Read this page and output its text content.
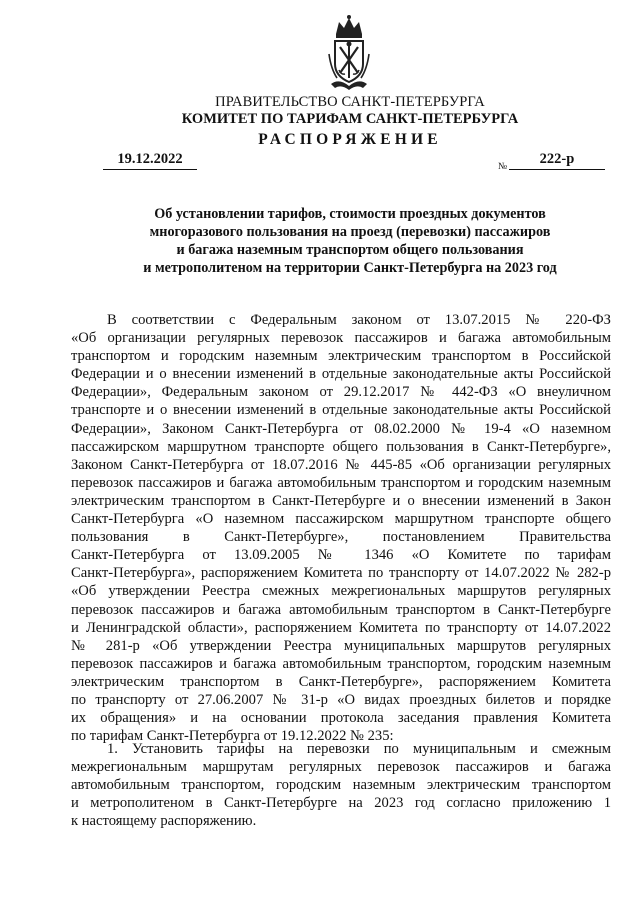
ПРАВИТЕЛЬСТВО САНКТ-ПЕТЕРБУРГА
КОМИТЕТ ПО ТАРИФАМ САНКТ-ПЕТЕРБУРГА
РАСПОРЯЖЕНИЕ
19.12.2022	№	222-р
Об установлении тарифов, стоимости проездных документов
многоразового пользования на проезд (перевозки) пассажиров
и багажа наземным транспортом общего пользования
и метрополитеном на территории Санкт-Петербурга на 2023 год
В соответствии с Федеральным законом от 13.07.2015 № 220-ФЗ
«Об организации регулярных перевозок пассажиров и багажа автомобильным
транспортом и городским наземным электрическим транспортом в Российской
Федерации и о внесении изменений в отдельные законодательные акты Российской
Федерации», Федеральным законом от 29.12.2017 № 442-ФЗ «О внеуличном
транспорте и о внесении изменений в отдельные законодательные акты Российской
Федерации», Законом Санкт-Петербурга от 08.02.2000 № 19-4 «О наземном
пассажирском маршрутном транспорте общего пользования в Санкт-Петербурге»,
Законом Санкт-Петербурга от 18.07.2016 № 445-85 «Об организации регулярных
перевозок пассажиров и багажа автомобильным транспортом и городским наземным
электрическим транспортом в Санкт-Петербурге и о внесении изменений в Закон
Санкт-Петербурга «О наземном пассажирском маршрутном транспорте общего
пользования в Санкт-Петербурге», постановлением Правительства
Санкт-Петербурга от 13.09.2005 № 1346 «О Комитете по тарифам
Санкт-Петербурга», распоряжением Комитета по транспорту от 14.07.2022 № 282-р
«Об утверждении Реестра смежных межрегиональных маршрутов регулярных
перевозок пассажиров и багажа автомобильным транспортом в Санкт-Петербурге
и Ленинградской области», распоряжением Комитета по транспорту от 14.07.2022
№ 281-р «Об утверждении Реестра муниципальных маршрутов регулярных
перевозок пассажиров и багажа автомобильным транспортом, городским наземным
электрическим транспортом в Санкт-Петербурге», распоряжением Комитета
по транспорту от 27.06.2007 № 31-р «О видах проездных билетов и порядке
их обращения» и на основании протокола заседания правления Комитета
по тарифам Санкт-Петербурга от 19.12.2022 № 235:
1. Установить тарифы на перевозки по муниципальным и смежным
межрегиональным маршрутам регулярных перевозок пассажиров и багажа
автомобильным транспортом, городским наземным электрическим транспортом
и метрополитеном в Санкт-Петербурге на 2023 год согласно приложению 1
к настоящему распоряжению.
